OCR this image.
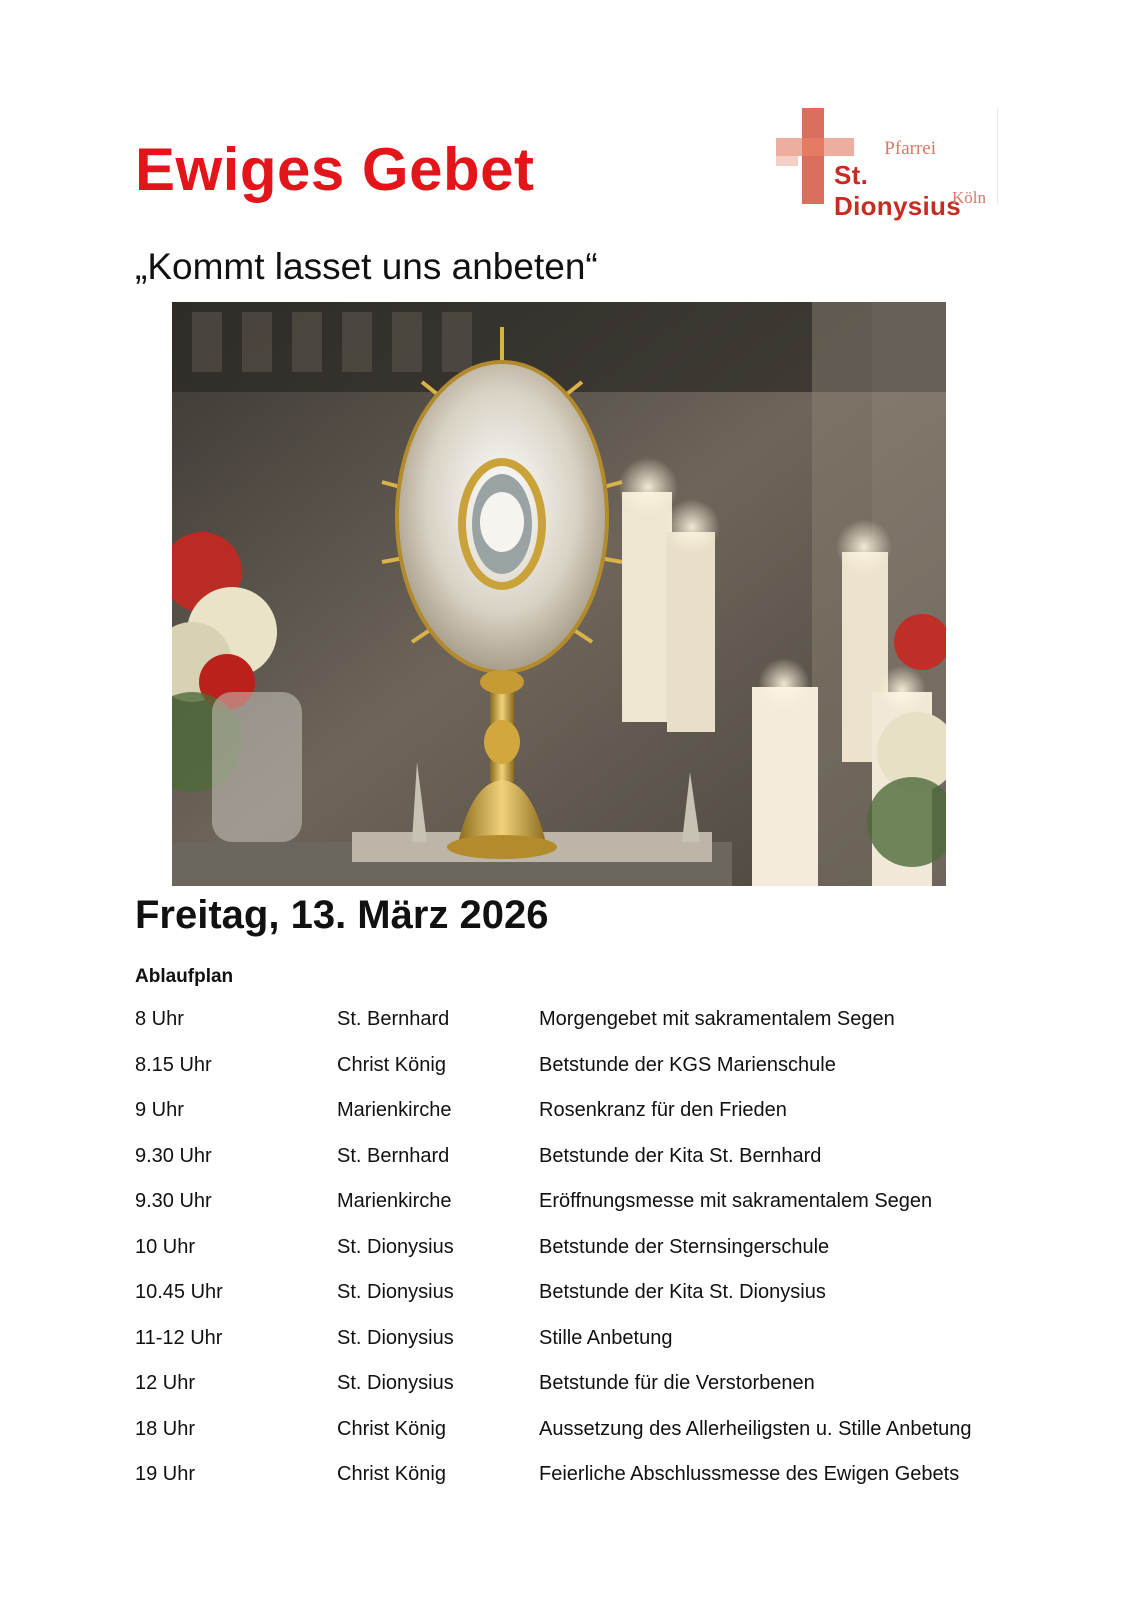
Ewiges Gebet	Pfarrei
St. Dionysius
Köln
„Kommt lasset uns anbeten“
Freitag, 13. März 2026
Ablaufplan
8 Uhr	St. Bernhard	Morgengebet mit sakramentalem Segen
8.15 Uhr	Christ König	Betstunde der KGS Marienschule
9 Uhr	Marienkirche	Rosenkranz für den Frieden
9.30 Uhr	St. Bernhard	Betstunde der Kita St. Bernhard
9.30 Uhr	Marienkirche	Eröffnungsmesse mit sakramentalem Segen
10 Uhr	St. Dionysius	Betstunde der Sternsingerschule
10.45 Uhr	St. Dionysius	Betstunde der Kita St. Dionysius
11-12 Uhr	St. Dionysius	Stille Anbetung
12 Uhr	St. Dionysius	Betstunde für die Verstorbenen
18 Uhr	Christ König	Aussetzung des Allerheiligsten u. Stille Anbetung
19 Uhr	Christ König	Feierliche Abschlussmesse des Ewigen Gebets
